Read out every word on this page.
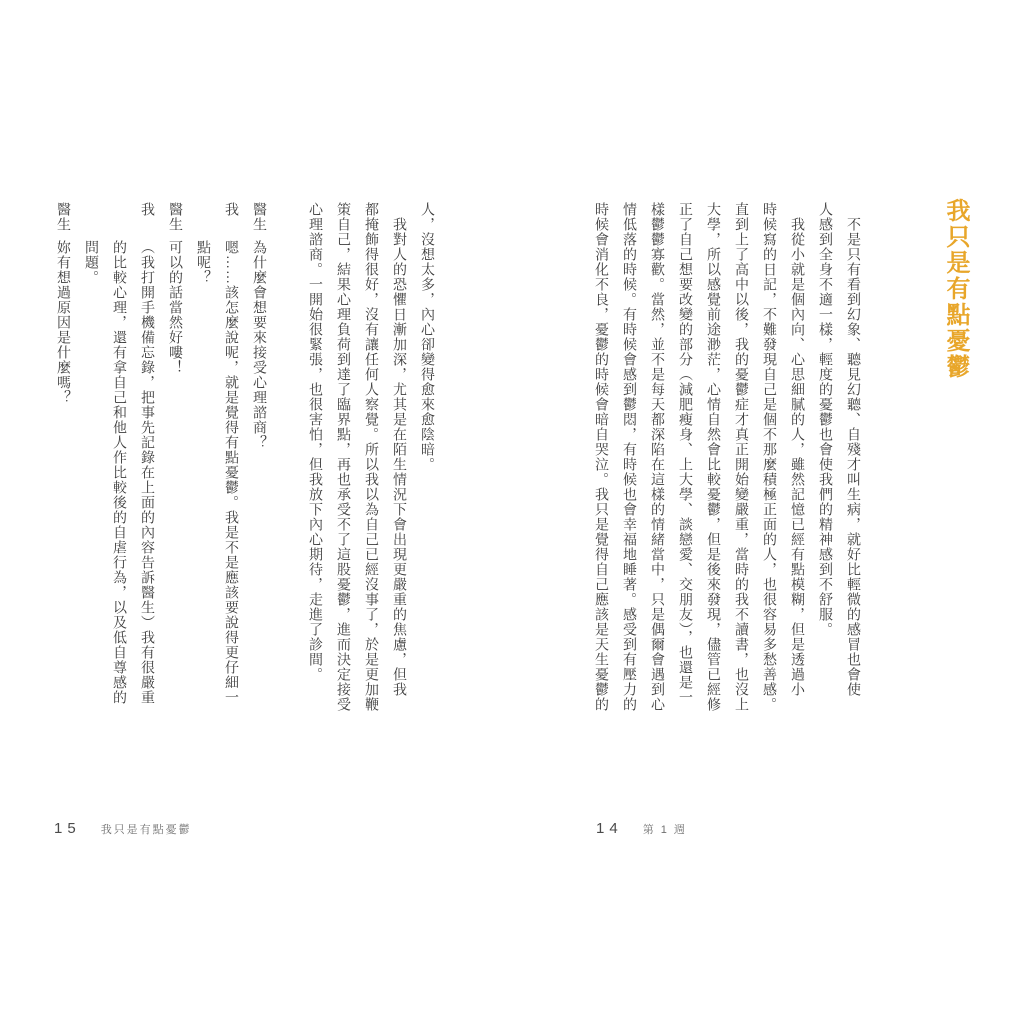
我只是有點憂鬱
不是只有看到幻象、聽見幻聽、自殘才叫生病，就好比輕微的感冒也會使
人感到全身不適一樣，輕度的憂鬱也會使我們的精神感到不舒服。
我從小就是個內向、心思細膩的人，雖然記憶已經有點模糊，但是透過小
時候寫的日記，不難發現自己是個不那麼積極正面的人，也很容易多愁善感。
直到上了高中以後，我的憂鬱症才真正開始變嚴重，當時的我不讀書，也沒上
大學，所以感覺前途渺茫，心情自然會比較憂鬱，但是後來發現，儘管已經修
正了自己想要改變的部分（減肥瘦身、上大學、談戀愛、交朋友），也還是一
樣鬱鬱寡歡。當然，並不是每天都深陷在這樣的情緒當中，只是偶爾會遇到心
情低落的時候。有時候會感到鬱悶，有時候也會幸福地睡著。感受到有壓力的
時候會消化不良，憂鬱的時候會暗自哭泣。我只是覺得自己應該是天生憂鬱的
人，沒想太多，內心卻變得愈來愈陰暗。
我對人的恐懼日漸加深，尤其是在陌生情況下會出現更嚴重的焦慮，但我
都掩飾得很好，沒有讓任何人察覺。所以我以為自己已經沒事了，於是更加鞭
策自己，結果心理負荷到達了臨界點，再也承受不了這股憂鬱，進而決定接受
心理諮商。一開始很緊張，也很害怕，但我放下內心期待，走進了診間。
醫生為什麼會想要來接受心理諮商？
我嗯……該怎麼說呢，就是覺得有點憂鬱。我是不是應該要說得更仔細一
點呢？
醫生可以的話當然好嘍！
我（我打開手機備忘錄，把事先記錄在上面的內容告訴醫生）我有很嚴重
的比較心理，還有拿自己和他人作比較後的自虐行為，以及低自尊感的
問題。
醫生妳有想過原因是什麼嗎？
15 我只是有點憂鬱	14 第 1 週
